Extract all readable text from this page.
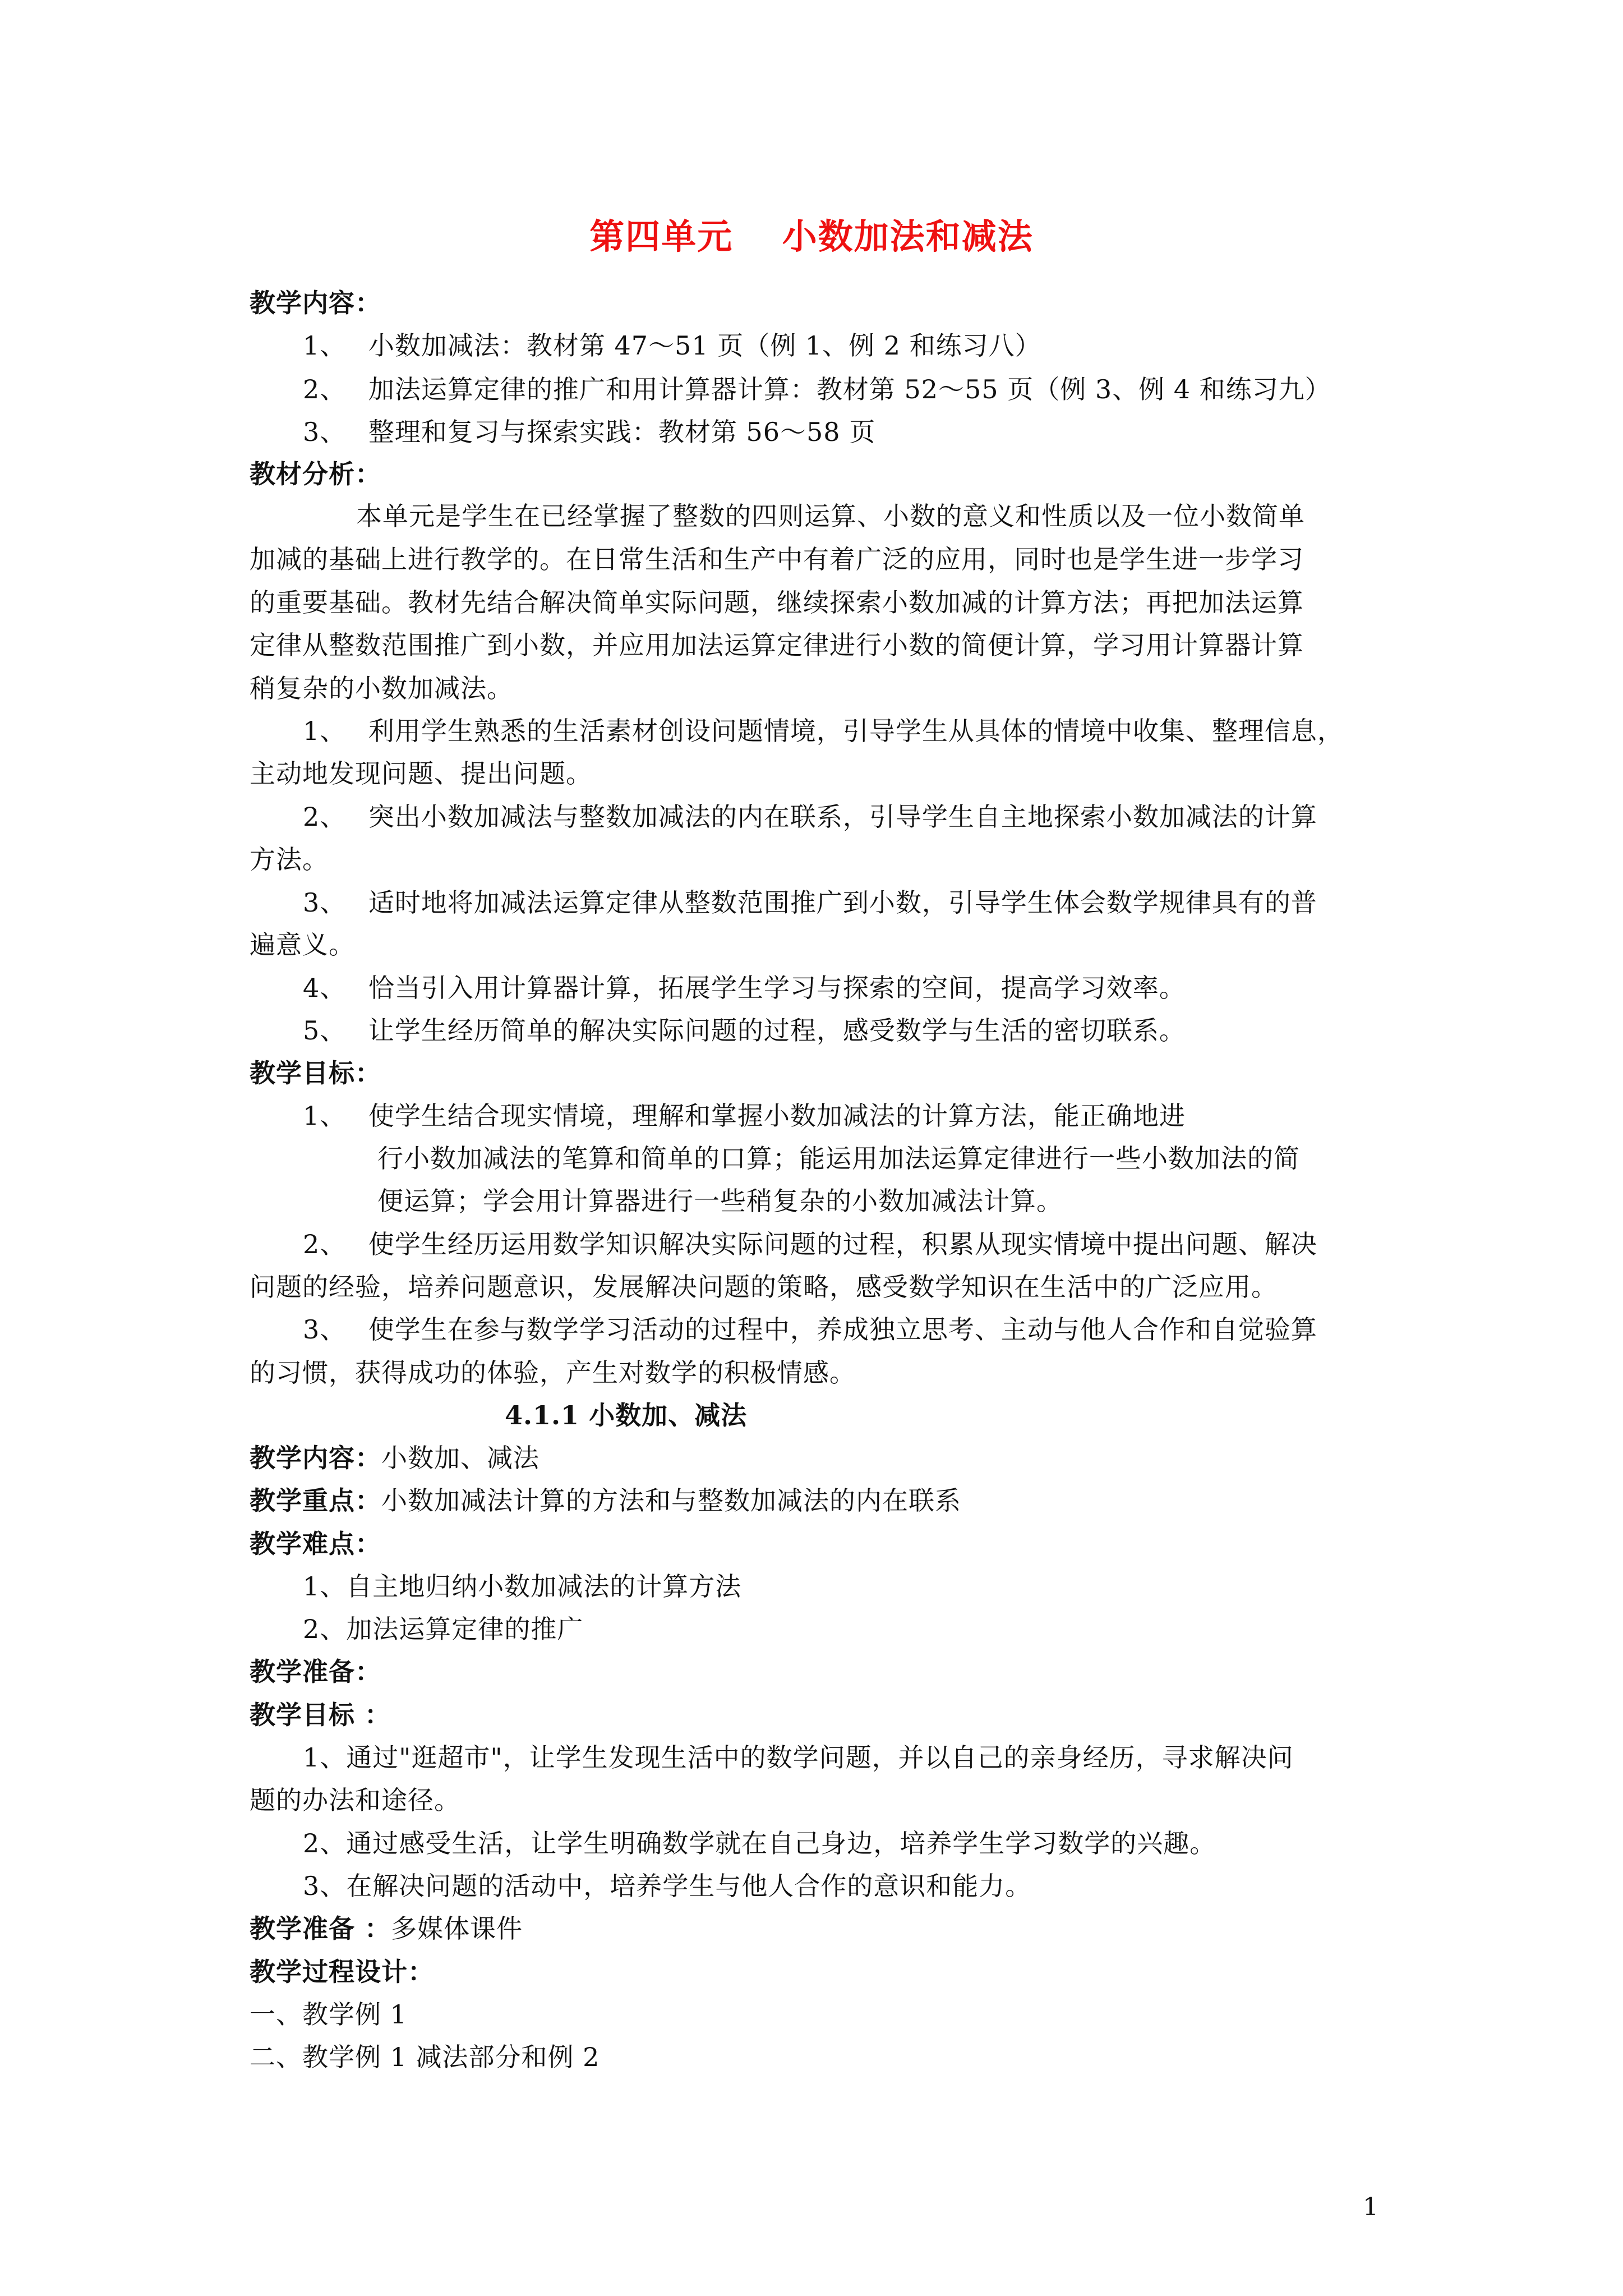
第四单元　 小数加法和减法
教学内容：
1、　 小数加减法：教材第 47～51 页（例 1、例 2 和练习八）
2、　 加法运算定律的推广和用计算器计算：教材第 52～55 页（例 3、例 4 和练习九）
3、　 整理和复习与探索实践：教材第 56～58 页
教材分析：
本单元是学生在已经掌握了整数的四则运算、小数的意义和性质以及一位小数简单
加减的基础上进行教学的。在日常生活和生产中有着广泛的应用，同时也是学生进一步学习
的重要基础。教材先结合解决简单实际问题，继续探索小数加减的计算方法；再把加法运算
定律从整数范围推广到小数，并应用加法运算定律进行小数的简便计算，学习用计算器计算
稍复杂的小数加减法。
1、　 利用学生熟悉的生活素材创设问题情境，引导学生从具体的情境中收集、整理信息，
主动地发现问题、提出问题。
2、　 突出小数加减法与整数加减法的内在联系，引导学生自主地探索小数加减法的计算
方法。
3、　 适时地将加减法运算定律从整数范围推广到小数，引导学生体会数学规律具有的普
遍意义。
4、　 恰当引入用计算器计算，拓展学生学习与探索的空间，提高学习效率。
5、　 让学生经历简单的解决实际问题的过程，感受数学与生活的密切联系。
教学目标：
1、　 使学生结合现实情境，理解和掌握小数加减法的计算方法，能正确地进
行小数加减法的笔算和简单的口算；能运用加法运算定律进行一些小数加法的简
便运算；学会用计算器进行一些稍复杂的小数加减法计算。
2、　 使学生经历运用数学知识解决实际问题的过程，积累从现实情境中提出问题、解决
问题的经验，培养问题意识，发展解决问题的策略，感受数学知识在生活中的广泛应用。
3、　 使学生在参与数学学习活动的过程中，养成独立思考、主动与他人合作和自觉验算
的习惯，获得成功的体验，产生对数学的积极情感。
4.1.1 小数加、减法
教学内容：小数加、减法
教学重点：小数加减法计算的方法和与整数加减法的内在联系
教学难点：
1、自主地归纳小数加减法的计算方法
2、加法运算定律的推广
教学准备：
教学目标 ：
1、通过"逛超市"，让学生发现生活中的数学问题，并以自己的亲身经历，寻求解决问
题的办法和途径。
2、通过感受生活，让学生明确数学就在自己身边，培养学生学习数学的兴趣。
3、在解决问题的活动中，培养学生与他人合作的意识和能力。
教学准备 ：多媒体课件
教学过程设计：
一、教学例 1
二、教学例 1 减法部分和例 2
1
